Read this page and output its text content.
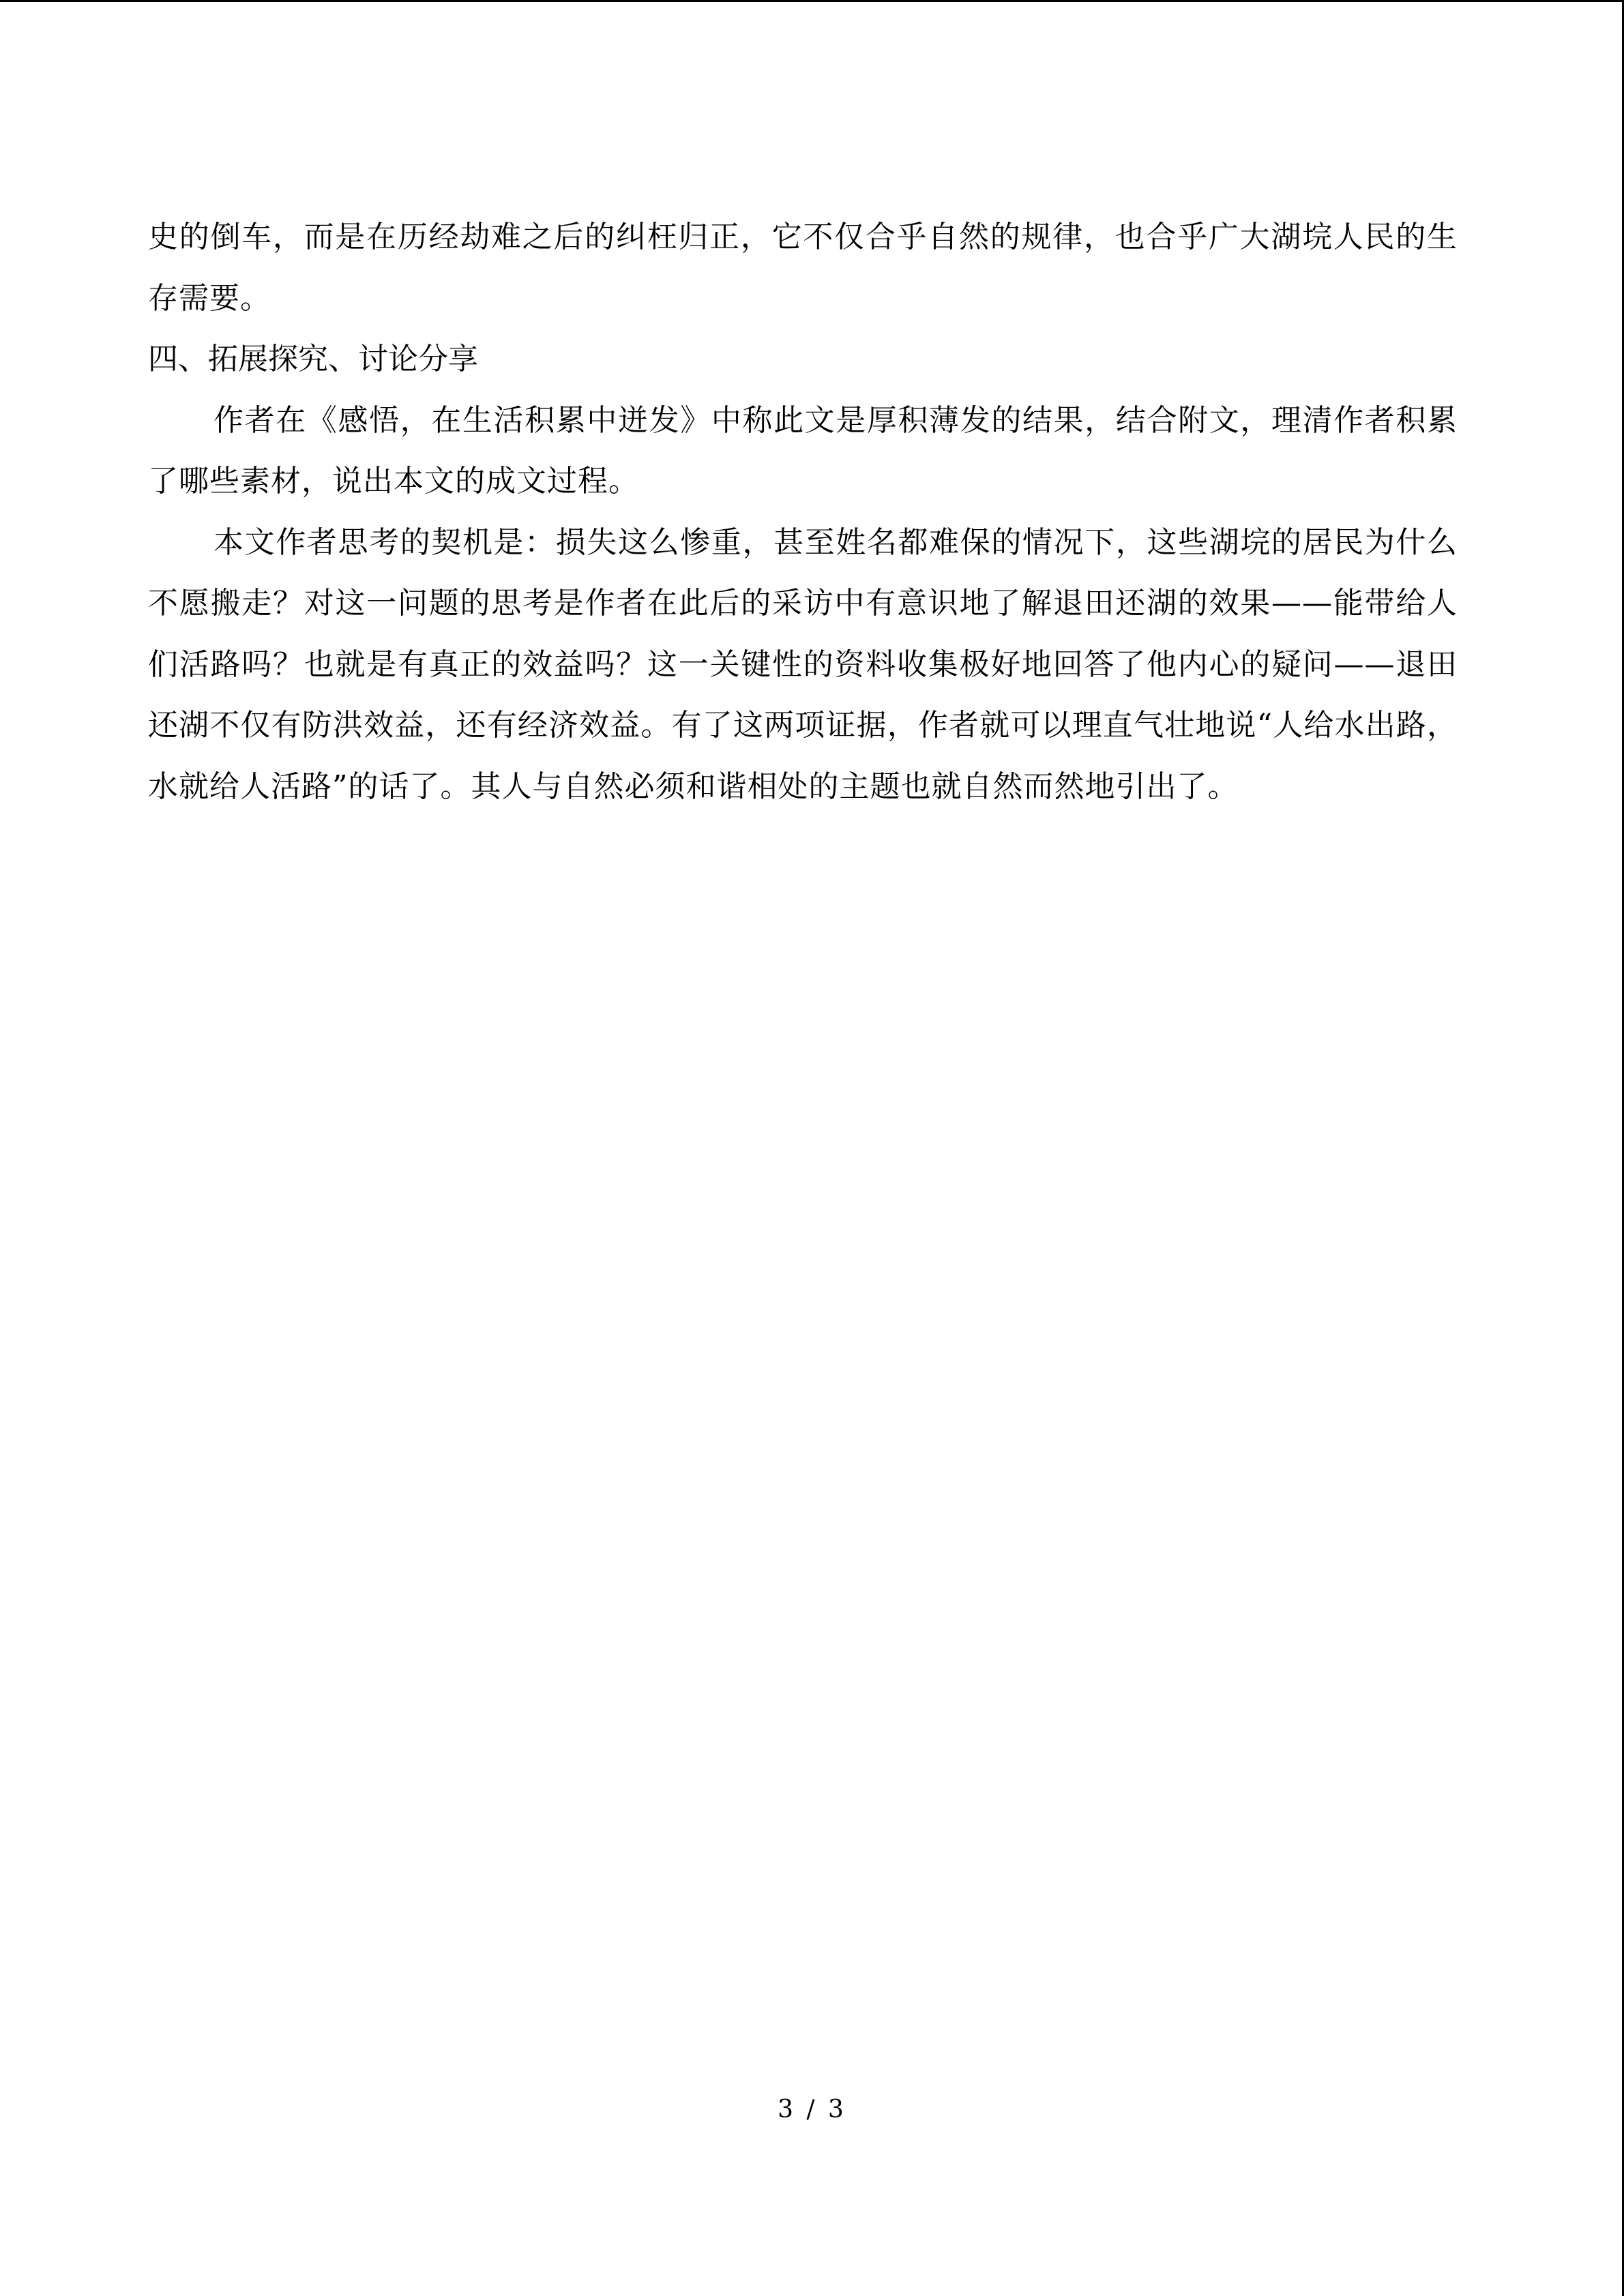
史的倒车，而是在历经劫难之后的纠枉归正，它不仅合乎自然的规律，也合乎广大湖垸人民的生存需要。

四、拓展探究、讨论分享

作者在《感悟，在生活积累中迸发》中称此文是厚积薄发的结果，结合附文，理清作者积累了哪些素材，说出本文的成文过程。

本文作者思考的契机是：损失这么惨重，甚至姓名都难保的情况下，这些湖垸的居民为什么不愿搬走？对这一问题的思考是作者在此后的采访中有意识地了解退田还湖的效果——能带给人们活路吗？也就是有真正的效益吗？这一关键性的资料收集极好地回答了他内心的疑问——退田还湖不仅有防洪效益，还有经济效益。有了这两项证据，作者就可以理直气壮地说“人给水出路，水就给人活路”的话了。其人与自然必须和谐相处的主题也就自然而然地引出了。

3 / 3
